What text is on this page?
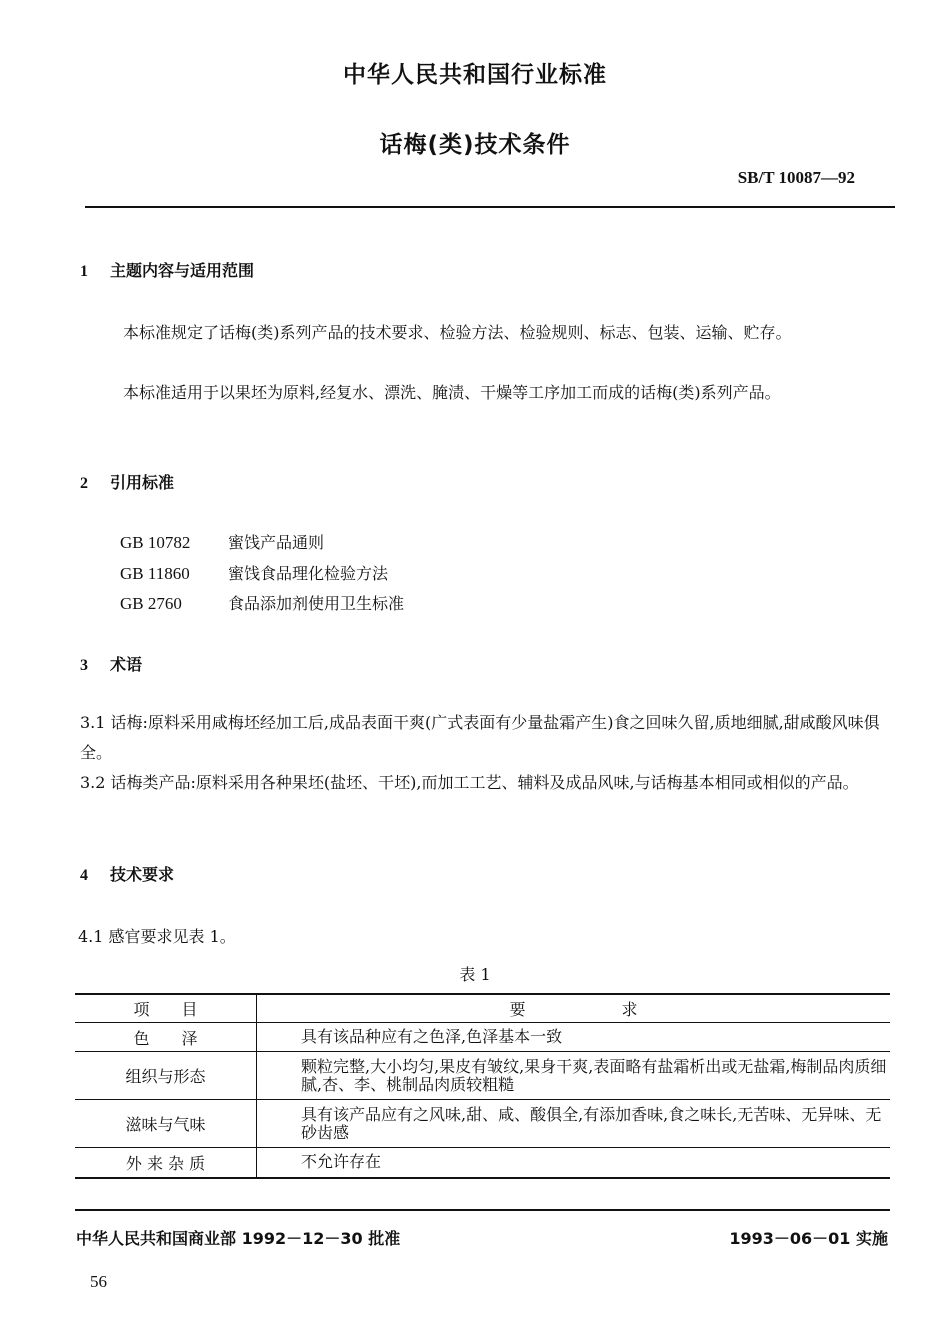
中华人民共和国行业标准
话梅(类)技术条件
SB/T 10087—92
1 主题内容与适用范围
本标准规定了话梅(类)系列产品的技术要求、检验方法、检验规则、标志、包装、运输、贮存。
本标准适用于以果坯为原料,经复水、漂洗、腌渍、干燥等工序加工而成的话梅(类)系列产品。
2 引用标准
GB 10782 蜜饯产品通则
GB 11860 蜜饯食品理化检验方法
GB 2760	食品添加剂使用卫生标准
3 术语
3.1 话梅:原料采用咸梅坯经加工后,成品表面干爽(广式表面有少量盐霜产生)食之回味久留,质地细腻,甜咸酸风味俱全。
3.2 话梅类产品:原料采用各种果坯(盐坯、干坯),而加工工艺、辅料及成品风味,与话梅基本相同或相似的产品。
4 技术要求
4.1 感官要求见表 1。
表 1
项　　目	要　　　　　　求
色　　泽	具有该品种应有之色泽,色泽基本一致
组织与形态	颗粒完整,大小均匀,果皮有皱纹,果身干爽,表面略有盐霜析出或无盐霜,梅制品肉质细腻,杏、李、桃制品肉质较粗糙
滋味与气味	具有该产品应有之风味,甜、咸、酸俱全,有添加香味,食之味长,无苦味、无异味、无砂齿感
外 来 杂 质	不允许存在
中华人民共和国商业部 1992－12－30 批准	1993－06－01 实施
56
